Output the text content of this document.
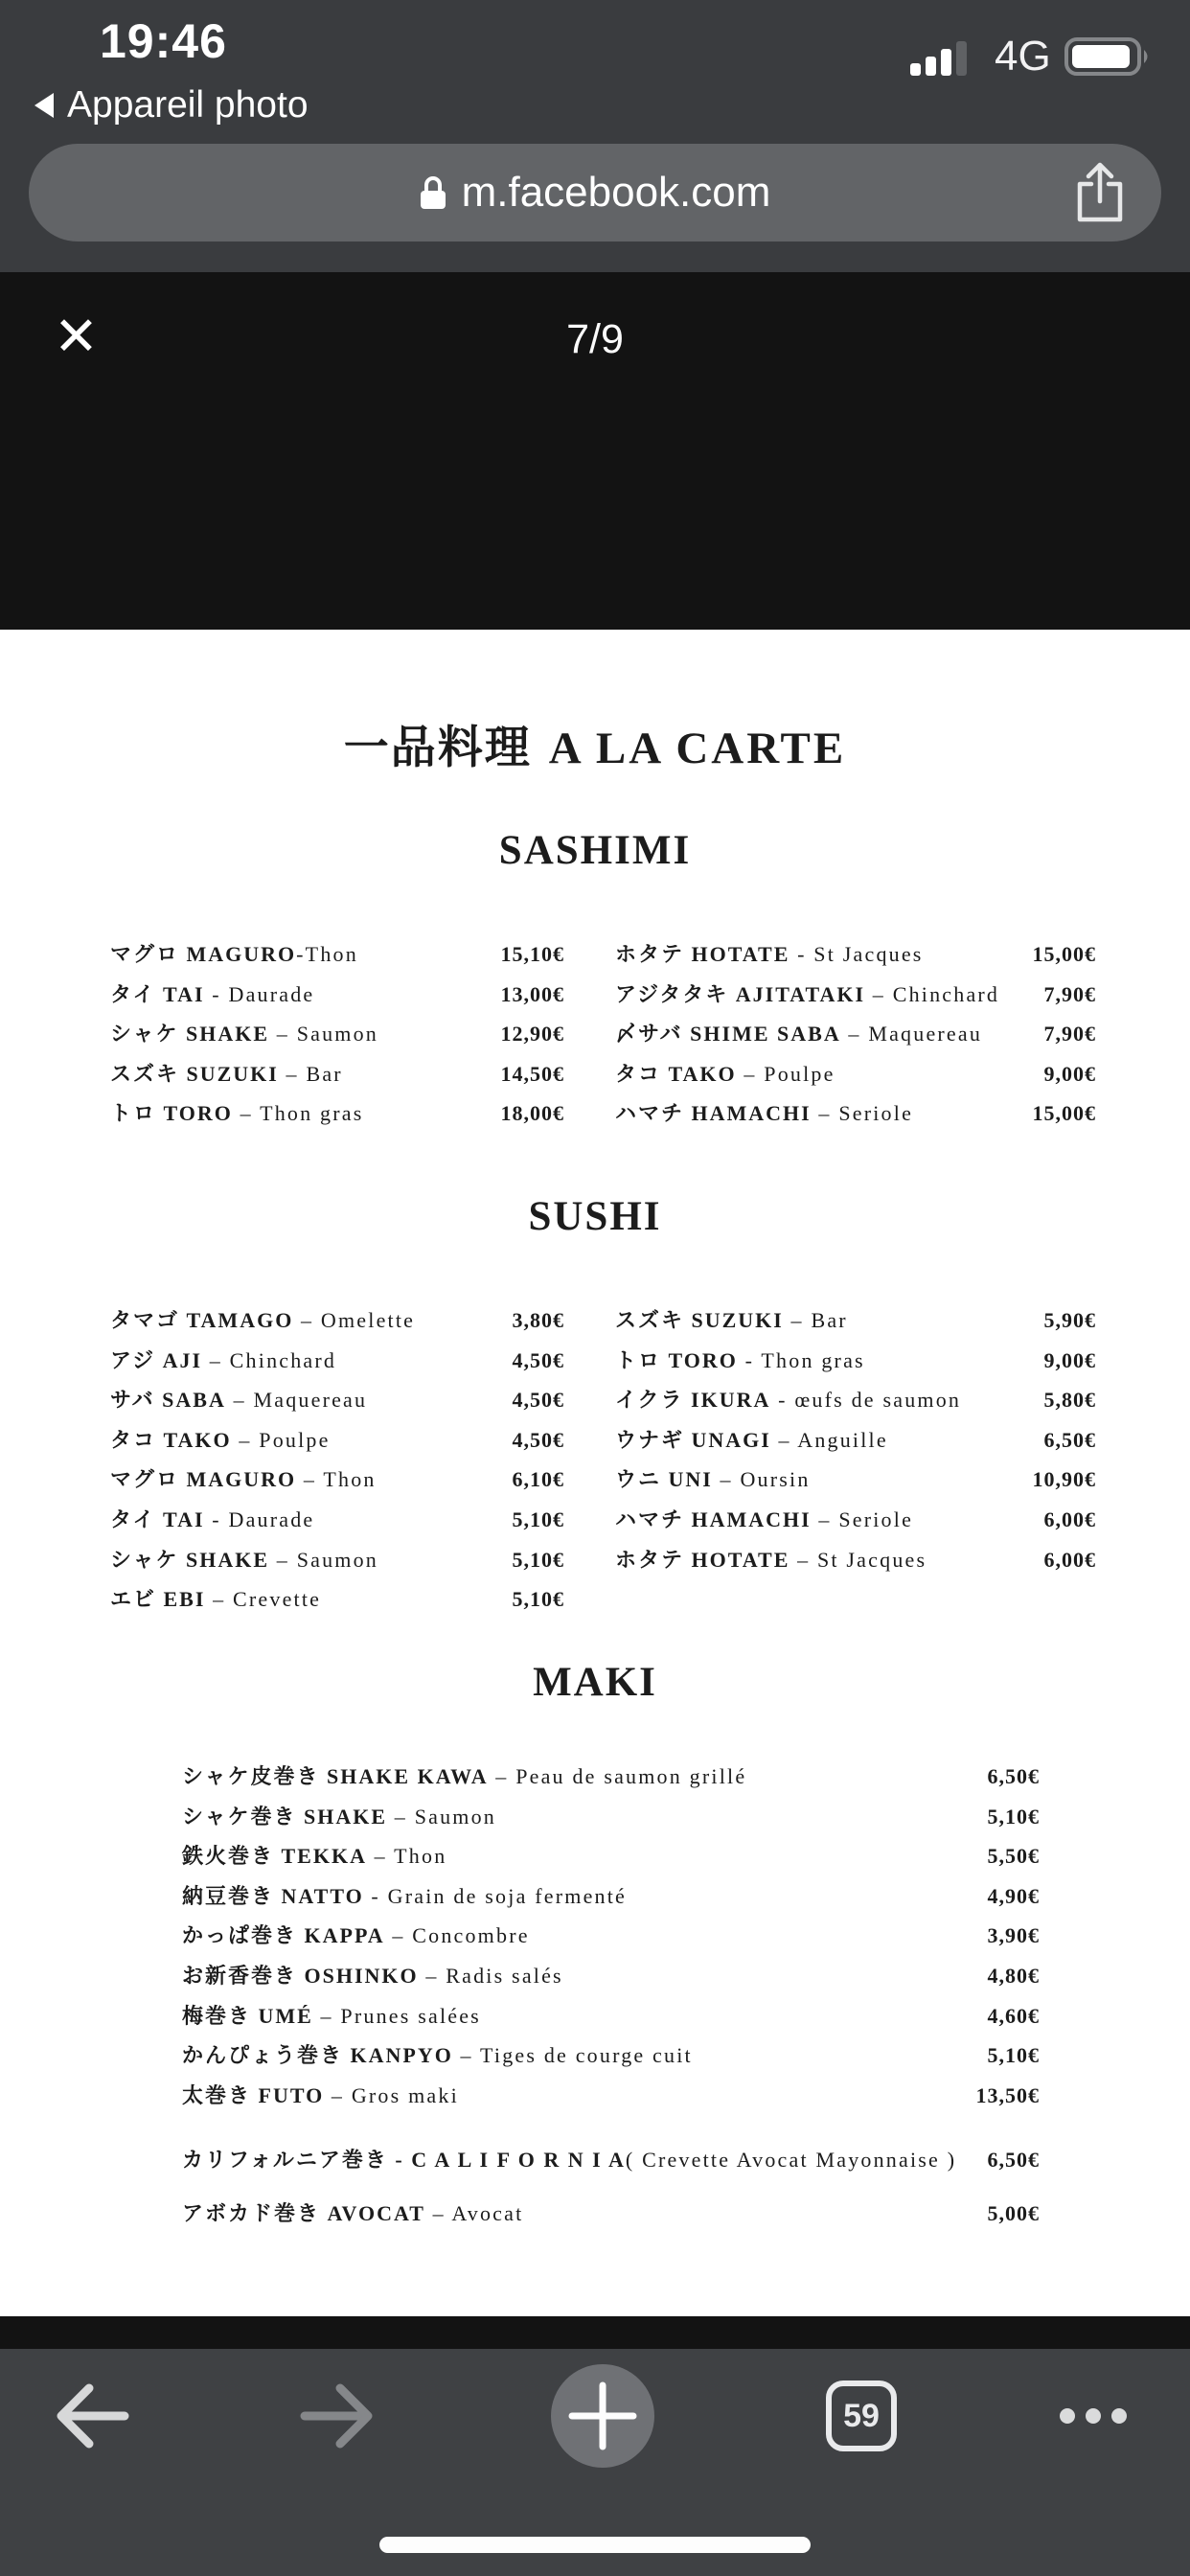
19:46
Appareil photo
4G
m.facebook.com
✕	7/9
一品料理 A LA CARTE
SASHIMI
マグロ MAGURO-Thon	15,10€
タイ TAI - Daurade	13,00€
シャケ SHAKE – Saumon	12,90€
スズキ SUZUKI – Bar	14,50€
トロ TORO – Thon gras	18,00€
ホタテ HOTATE - St Jacques	15,00€
アジタタキ AJITATAKI – Chinchard 7,90€
〆サバ SHIME SABA – Maquereau	7,90€
タコ TAKO – Poulpe	9,00€
ハマチ HAMACHI – Seriole	15,00€
SUSHI
タマゴ TAMAGO – Omelette	3,80€
アジ AJI – Chinchard	4,50€
サバ SABA – Maquereau	4,50€
タコ TAKO – Poulpe	4,50€
マグロ MAGURO – Thon	6,10€
タイ TAI - Daurade	5,10€
シャケ SHAKE – Saumon	5,10€
エビ EBI – Crevette	5,10€
スズキ SUZUKI – Bar	5,90€
トロ TORO - Thon gras	9,00€
イクラ IKURA - œufs de saumon	5,80€
ウナギ UNAGI – Anguille	6,50€
ウニ UNI – Oursin	10,90€
ハマチ HAMACHI – Seriole	6,00€
ホタテ HOTATE – St Jacques	6,00€
MAKI
シャケ皮巻き SHAKE KAWA – Peau de saumon grillé	6,50€
シャケ巻き SHAKE – Saumon	5,10€
鉄火巻き TEKKA – Thon	5,50€
納豆巻き NATTO - Grain de soja fermenté	4,90€
かっぱ巻き KAPPA – Concombre	3,90€
お新香巻き OSHINKO – Radis salés	4,80€
梅巻き UMÉ – Prunes salées	4,60€
かんぴょう巻き KANPYO – Tiges de courge cuit	5,10€
太巻き FUTO – Gros maki	13,50€
カリフォルニア巻き - C A L I F O R N I A( Crevette Avocat Mayonnaise ) 6,50€
アボカド巻き AVOCAT – Avocat	5,00€
59
